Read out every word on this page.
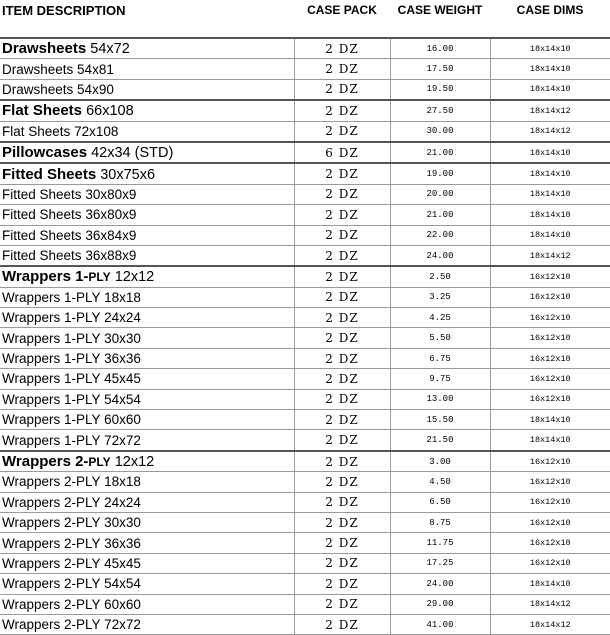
ITEM DESCRIPTION	CASE PACK	CASE WEIGHT	CASE DIMS
Drawsheets 54x72	2 DZ	16.00	18x14x10
Drawsheets 54x81	2 DZ	17.50	18x14x10
Drawsheets 54x90	2 DZ	19.50	18x14x10
Flat Sheets 66x108	2 DZ	27.50	18x14x12
Flat Sheets 72x108	2 DZ	30.00	18x14x12
Pillowcases 42x34 (STD)	6 DZ	21.00	18x14x10
Fitted Sheets 30x75x6	2 DZ	19.00	18x14x10
Fitted Sheets 30x80x9	2 DZ	20.00	18x14x10
Fitted Sheets 36x80x9	2 DZ	21.00	18x14x10
Fitted Sheets 36x84x9	2 DZ	22.00	18x14x10
Fitted Sheets 36x88x9	2 DZ	24.00	18x14x12
Wrappers 1-PLY 12x12	2 DZ	2.50	16x12x10
Wrappers 1-PLY 18x18	2 DZ	3.25	16x12x10
Wrappers 1-PLY 24x24	2 DZ	4.25	16x12x10
Wrappers 1-PLY 30x30	2 DZ	5.50	16x12x10
Wrappers 1-PLY 36x36	2 DZ	6.75	16x12x10
Wrappers 1-PLY 45x45	2 DZ	9.75	16x12x10
Wrappers 1-PLY 54x54	2 DZ	13.00	16x12x10
Wrappers 1-PLY 60x60	2 DZ	15.50	18x14x10
Wrappers 1-PLY 72x72	2 DZ	21.50	18x14x10
Wrappers 2-PLY 12x12	2 DZ	3.00	16x12x10
Wrappers 2-PLY 18x18	2 DZ	4.50	16x12x10
Wrappers 2-PLY 24x24	2 DZ	6.50	16x12x10
Wrappers 2-PLY 30x30	2 DZ	8.75	16x12x10
Wrappers 2-PLY 36x36	2 DZ	11.75	16x12x10
Wrappers 2-PLY 45x45	2 DZ	17.25	16x12x10
Wrappers 2-PLY 54x54	2 DZ	24.00	18x14x10
Wrappers 2-PLY 60x60	2 DZ	29.00	18x14x12
Wrappers 2-PLY 72x72	2 DZ	41.00	18x14x12
